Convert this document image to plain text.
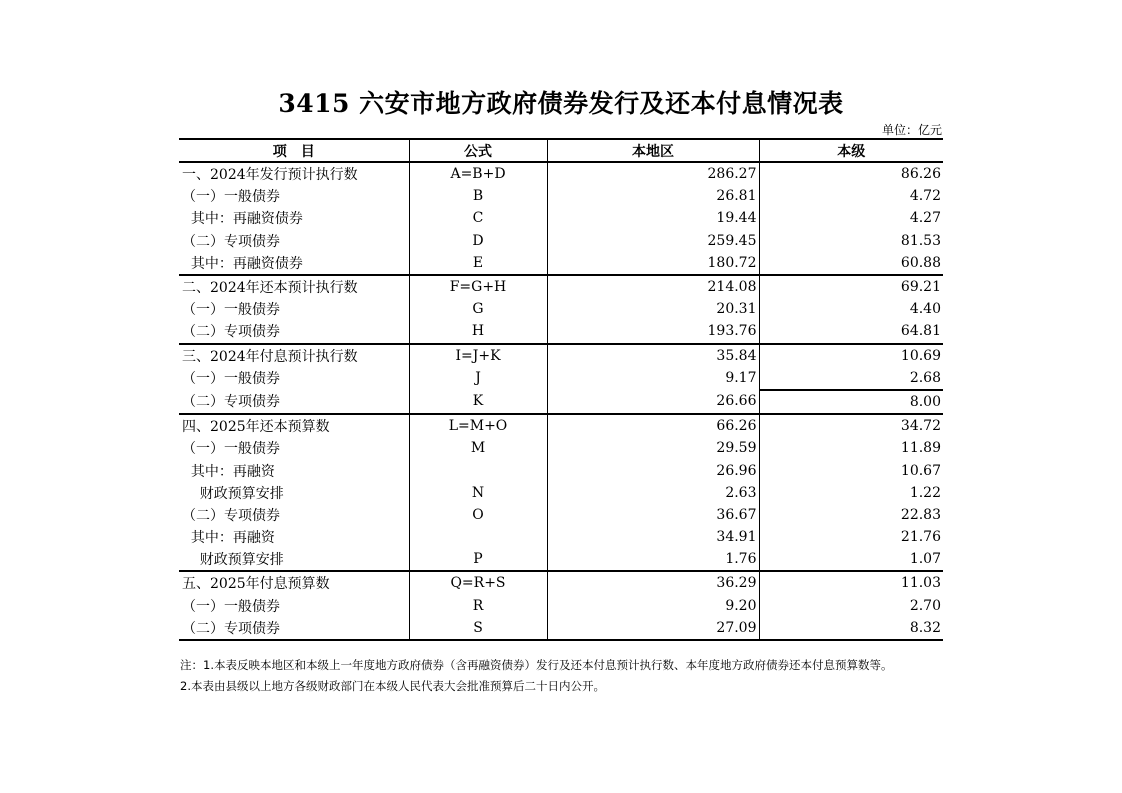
3415 六安市地方政府债券发行及还本付息情况表
单位：亿元
项　目	公式	本地区	本级
一、2024年发行预计执行数	A=B+D	286.27	86.26
（一）一般债券	B	26.81	4.72
其中：再融资债券	C	19.44	4.27
（二）专项债券	D	259.45	81.53
其中：再融资债券	E	180.72	60.88
二、2024年还本预计执行数	F=G+H	214.08	69.21
（一）一般债券	G	20.31	4.40
（二）专项债券	H	193.76	64.81
三、2024年付息预计执行数	I=J+K	35.84	10.69
（一）一般债券	J	9.17	2.68
（二）专项债券	K	26.66	8.00
四、2025年还本预算数	L=M+O	66.26	34.72
（一）一般债券	M	29.59	11.89
其中：再融资		26.96	10.67
财政预算安排	N	2.63	1.22
（二）专项债券	O	36.67	22.83
其中：再融资		34.91	21.76
财政预算安排	P	1.76	1.07
五、2025年付息预算数	Q=R+S	36.29	11.03
（一）一般债券	R	9.20	2.70
（二）专项债券	S	27.09	8.32
注：1.本表反映本地区和本级上一年度地方政府债券（含再融资债券）发行及还本付息预计执行数、本年度地方政府债券还本付息预算数等。
2.本表由县级以上地方各级财政部门在本级人民代表大会批准预算后二十日内公开。
